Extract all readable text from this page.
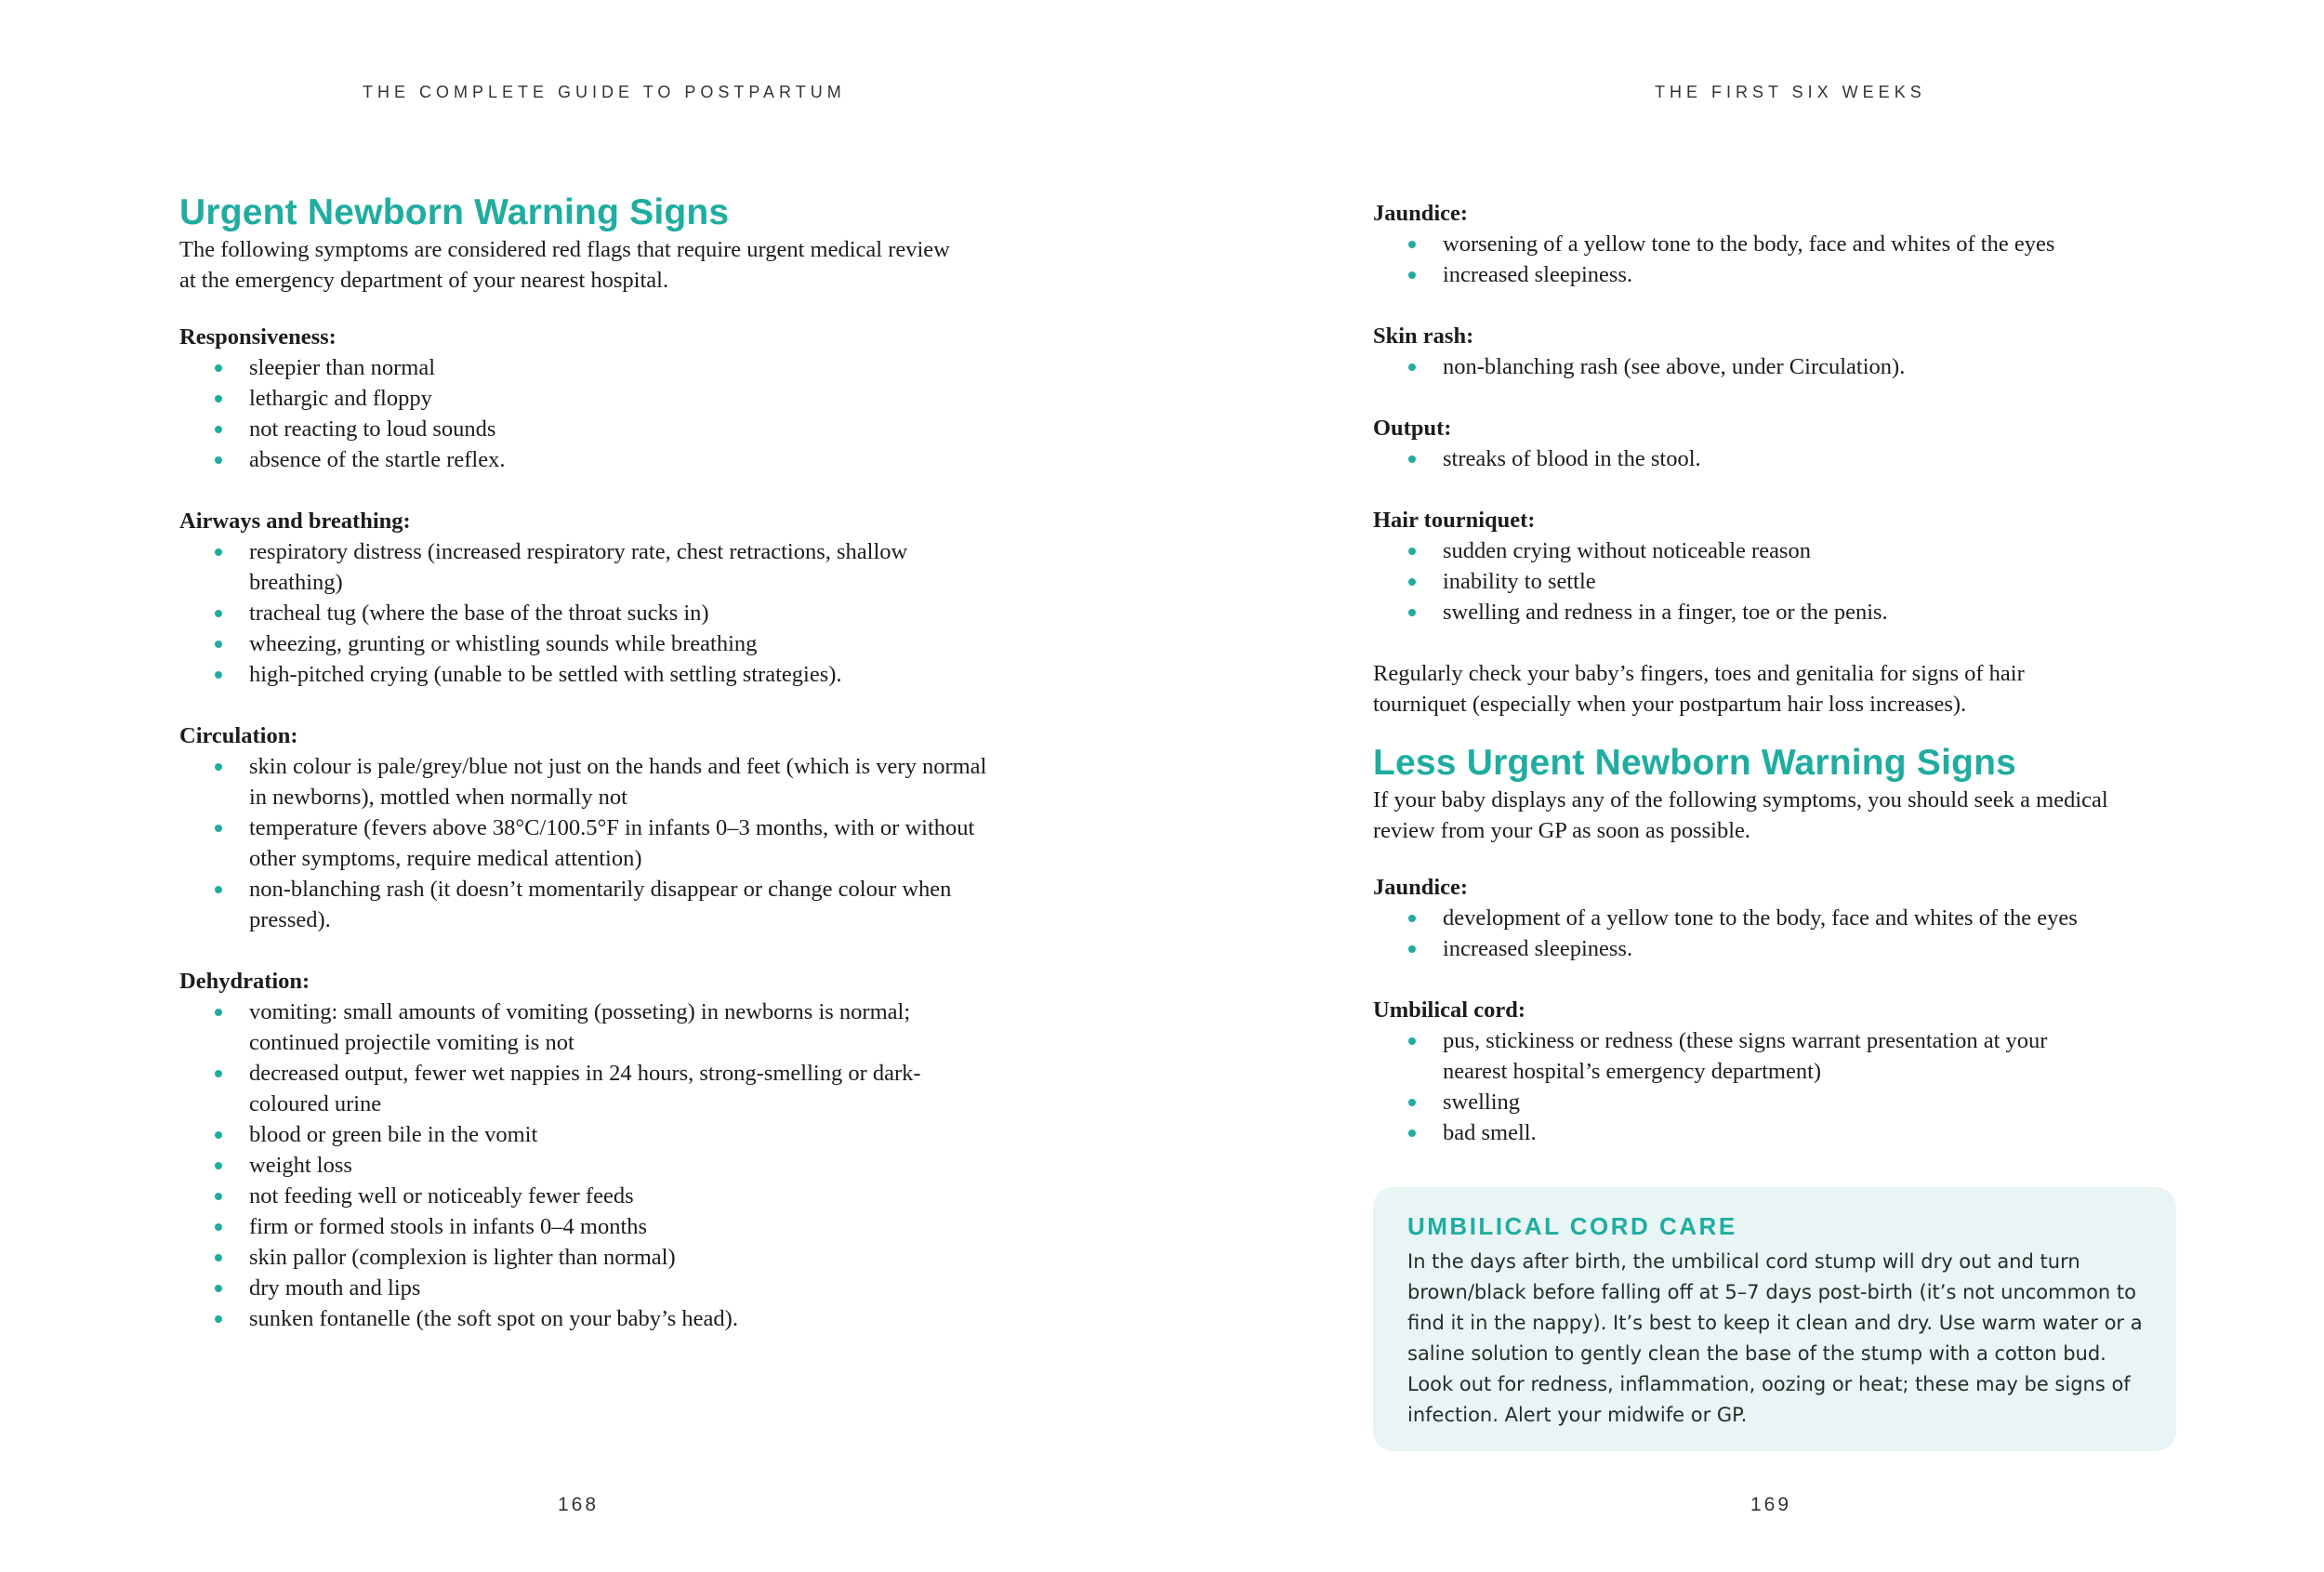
THE COMPLETE GUIDE TO POSTPARTUM
Urgent Newborn Warning Signs

The following symptoms are considered red flags that require urgent medical review at the emergency department of your nearest hospital.

Responsiveness:

sleepier than normal
lethargic and floppy
not reacting to loud sounds
absence of the startle reflex.

Airways and breathing:

respiratory distress (increased respiratory rate, chest retractions, shallow breathing)
tracheal tug (where the base of the throat sucks in)
wheezing, grunting or whistling sounds while breathing
high-pitched crying (unable to be settled with settling strategies).

Circulation:

skin colour is pale/grey/blue not just on the hands and feet (which is very normal in newborns), mottled when normally not
temperature (fevers above 38°C/100.5°F in infants 0–3 months, with or without other symptoms, require medical attention)
non-blanching rash (it doesn’t momentarily disappear or change colour when pressed).

Dehydration:

vomiting: small amounts of vomiting (posseting) in newborns is normal; continued projectile vomiting is not
decreased output, fewer wet nappies in 24 hours, strong-smelling or dark-coloured urine
blood or green bile in the vomit
weight loss
not feeding well or noticeably fewer feeds
firm or formed stools in infants 0–4 months
skin pallor (complexion is lighter than normal)
dry mouth and lips
sunken fontanelle (the soft spot on your baby’s head).
168
THE FIRST SIX WEEKS

Jaundice:

worsening of a yellow tone to the body, face and whites of the eyes
increased sleepiness.

Skin rash:

non-blanching rash (see above, under Circulation).

Output:

streaks of blood in the stool.

Hair tourniquet:

sudden crying without noticeable reason
inability to settle
swelling and redness in a finger, toe or the penis.

Regularly check your baby’s fingers, toes and genitalia for signs of hair tourniquet (especially when your postpartum hair loss increases).

Less Urgent Newborn Warning Signs

If your baby displays any of the following symptoms, you should seek a medical review from your GP as soon as possible.

Jaundice:

development of a yellow tone to the body, face and whites of the eyes
increased sleepiness.

Umbilical cord:

pus, stickiness or redness (these signs warrant presentation at your nearest hospital’s emergency department)
swelling
bad smell.
169

UMBILICAL CORD CARE

In the days after birth, the umbilical cord stump will dry out and turn brown/black before falling off at 5–7 days post-birth (it’s not uncommon to find it in the nappy). It’s best to keep it clean and dry. Use warm water or a saline solution to gently clean the base of the stump with a cotton bud. Look out for redness, inflammation, oozing or heat; these may be signs of infection. Alert your midwife or GP.
